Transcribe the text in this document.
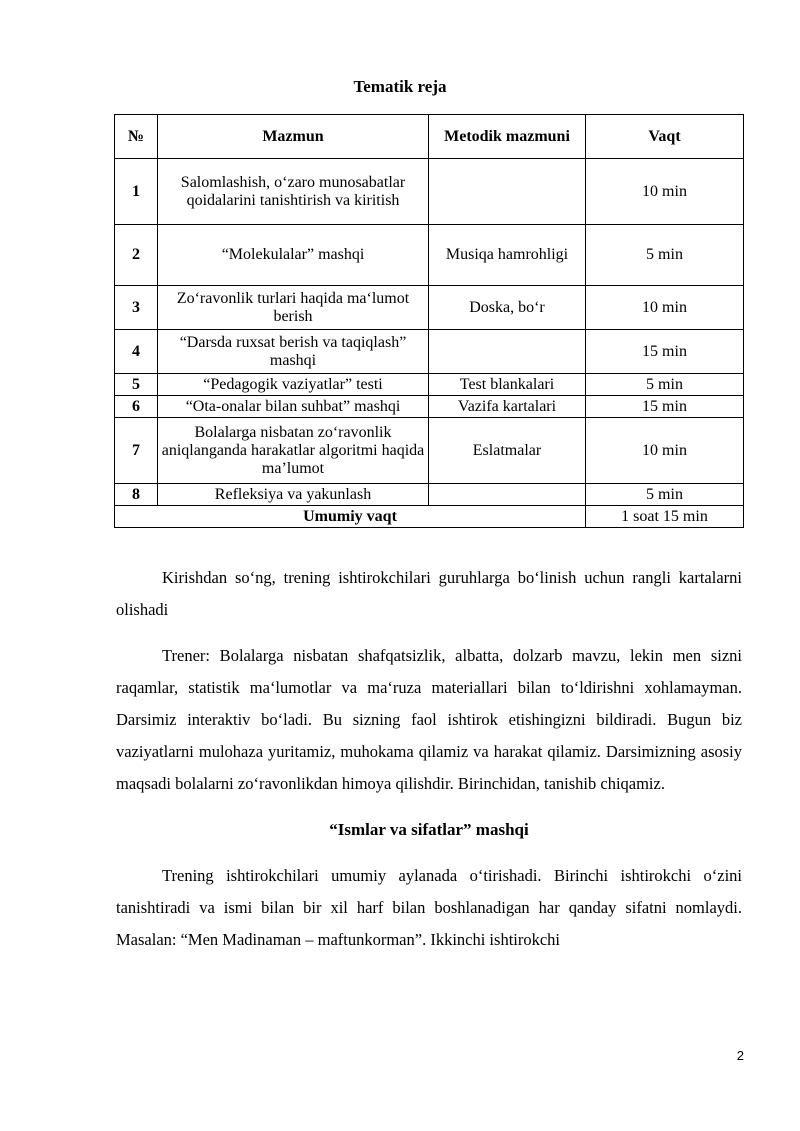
Tematik reja
№	Mazmun	Metodik mazmuni	Vaqt
1	Salomlashish, o‘zaro munosabatlar qoidalarini tanishtirish va kiritish		10 min
2	“Molekulalar” mashqi	Musiqa hamrohligi	5 min
3	Zo‘ravonlik turlari haqida ma‘lumot berish	Doska, bo‘r	10 min
4	“Darsda ruxsat berish va taqiqlash” mashqi		15 min
5	“Pedagogik vaziyatlar” testi	Test blankalari	5 min
6	“Ota-onalar bilan suhbat” mashqi	Vazifa kartalari	15 min
7	Bolalarga nisbatan zo‘ravonlik aniqlanganda harakatlar algoritmi haqida ma’lumot	Eslatmalar	10 min
8	Refleksiya va yakunlash		5 min
Umumiy vaqt			1 soat 15 min

Kirishdan so‘ng, trening ishtirokchilari guruhlarga bo‘linish uchun rangli kartalarni olishadi

Trener: Bolalarga nisbatan shafqatsizlik, albatta, dolzarb mavzu, lekin men sizni raqamlar, statistik ma‘lumotlar va ma‘ruza materiallari bilan to‘ldirishni xohlamayman. Darsimiz interaktiv bo‘ladi. Bu sizning faol ishtirok etishingizni bildiradi. Bugun biz vaziyatlarni mulohaza yuritamiz, muhokama qilamiz va harakat qilamiz. Darsimizning asosiy maqsadi bolalarni zo‘ravonlikdan himoya qilishdir. Birinchidan, tanishib chiqamiz.

“Ismlar va sifatlar” mashqi

Trening ishtirokchilari umumiy aylanada o‘tirishadi. Birinchi ishtirokchi o‘zini tanishtiradi va ismi bilan bir xil harf bilan boshlanadigan har qanday sifatni nomlaydi. Masalan: “Men Madinaman – maftunkorman”. Ikkinchi ishtirokchi

2
